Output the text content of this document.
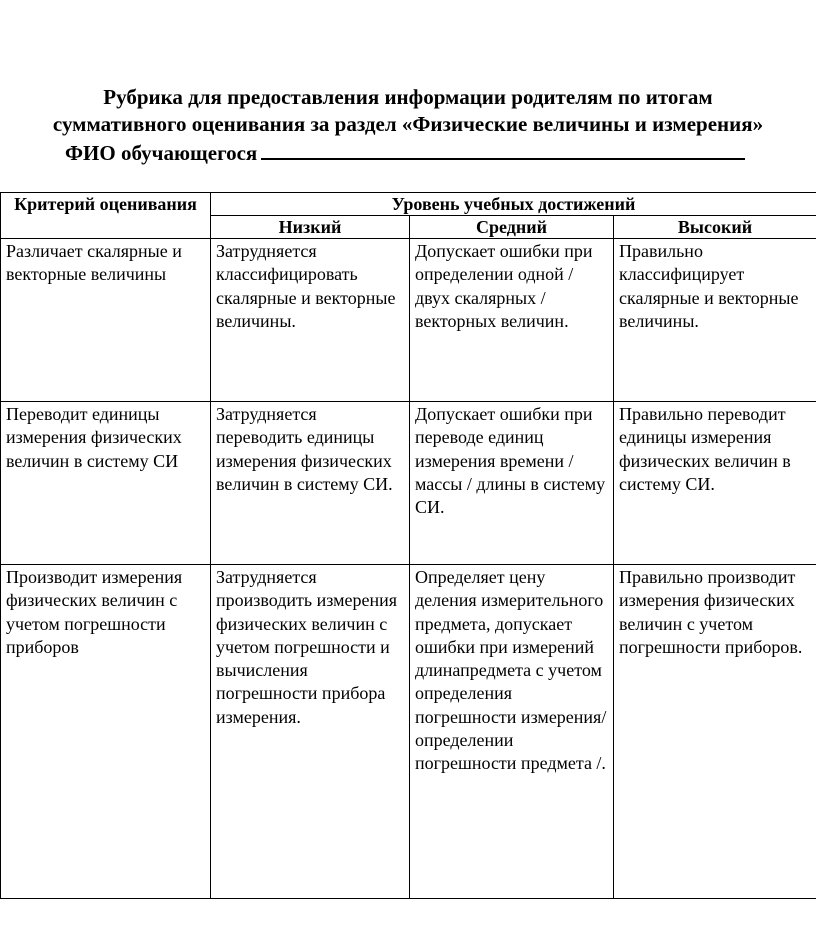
Рубрика для предоставления информации родителям по итогам
суммативного оценивания за раздел «Физические величины и измерения»
ФИО обучающегося
Критерий оценивания	Уровень учебных достижений		
	Низкий	Средний	Высокий

Различает скалярные и векторные величины	Затрудняется классифицировать скалярные и векторные величины.	Допускает ошибки при определении одной / двух скалярных / векторных величин.	Правильно классифицирует скалярные и векторные величины.

Переводит единицы измерения физических величин в систему СИ	Затрудняется переводить единицы измерения физических величин в систему СИ.	Допускает ошибки при переводе единиц измерения времени / массы / длины в систему СИ.	Правильно переводит единицы измерения физических величин в систему СИ.

Производит измерения физических величин с учетом погрешности приборов	Затрудняется производить измерения физических величин с учетом погрешности и вычисления погрешности прибора измерения.	Определяет цену деления измерительного предмета, допускает ошибки при измерений длинапредмета с учетом определения погрешности измерения/ определении погрешности предмета /.	Правильно производит измерения физических величин с учетом погрешности приборов.
